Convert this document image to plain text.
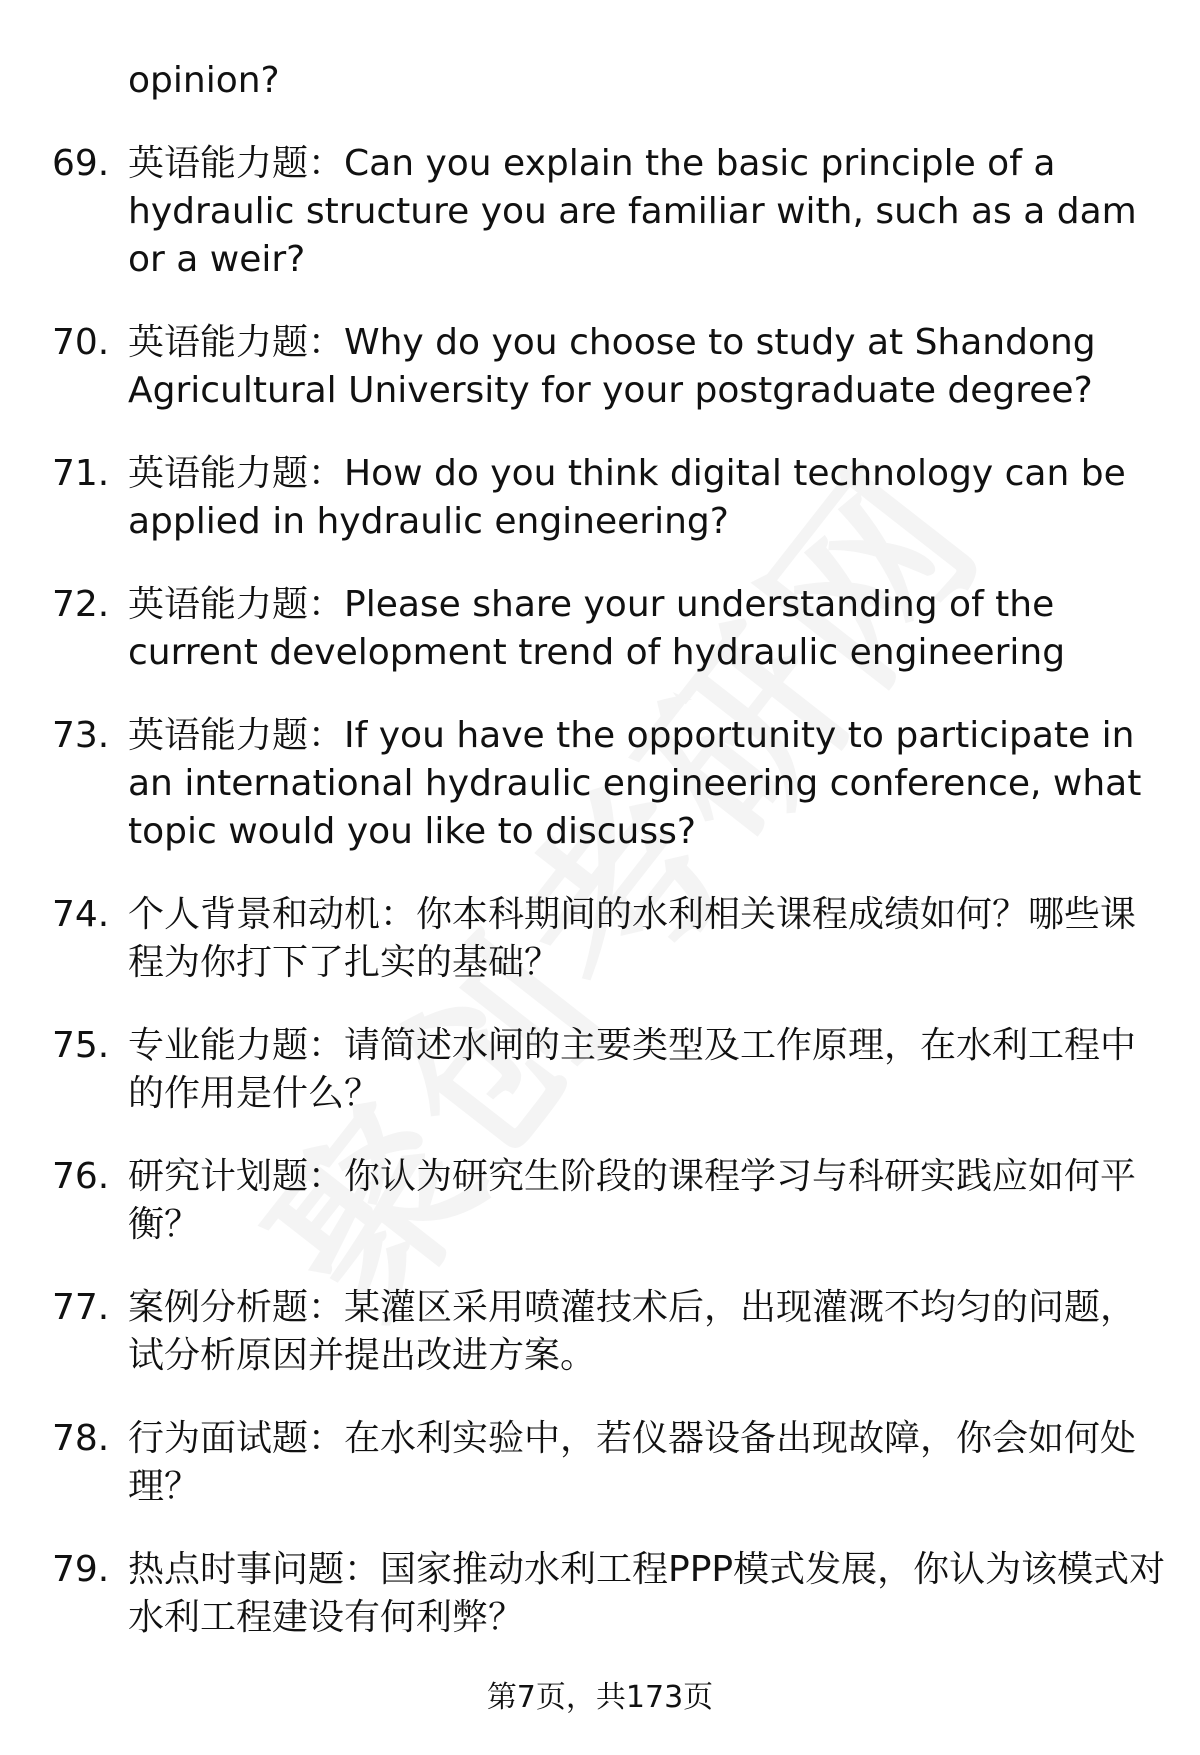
opinion?

69. 英语能力题：Can you explain the basic principle of a hydraulic structure you are familiar with, such as a dam or a weir?
70. 英语能力题：Why do you choose to study at Shandong Agricultural University for your postgraduate degree?
71. 英语能力题：How do you think digital technology can be applied in hydraulic engineering?
72. 英语能力题：Please share your understanding of the current development trend of hydraulic engineering
73. 英语能力题：If you have the opportunity to participate in an international hydraulic engineering conference, what topic would you like to discuss?
74. 个人背景和动机：你本科期间的水利相关课程成绩如何？哪些课程为你打下了扎实的基础？
75. 专业能力题：请简述水闸的主要类型及工作原理，在水利工程中的作用是什么？
76. 研究计划题：你认为研究生阶段的课程学习与科研实践应如何平衡？
77. 案例分析题：某灌区采用喷灌技术后，出现灌溉不均匀的问题，试分析原因并提出改进方案。
78. 行为面试题：在水利实验中，若仪器设备出现故障，你会如何处理？
79. 热点时事问题：国家推动水利工程PPP模式发展，你认为该模式对水利工程建设有何利弊？

第7页，共173页
